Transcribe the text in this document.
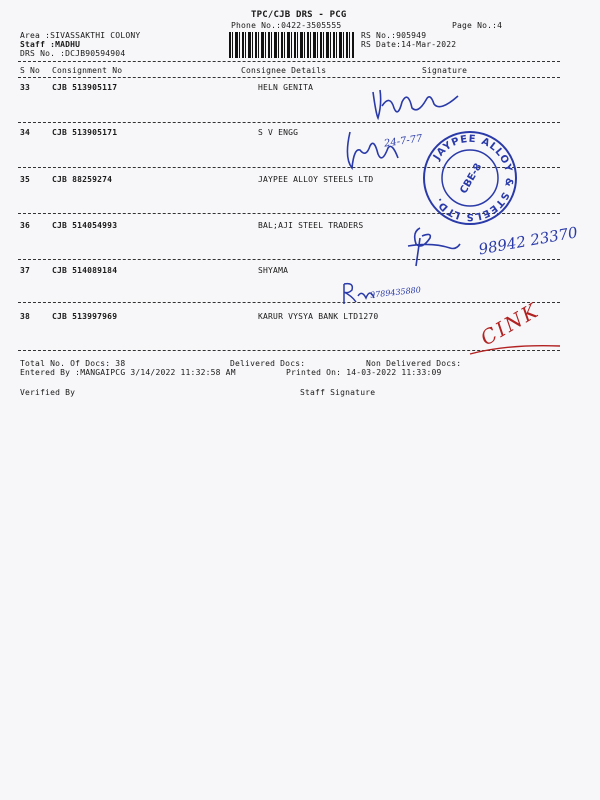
TPC/CJB DRS - PCG
Phone No.:0422-3505555	Page No.:4
Area :SIVASSAKTHI COLONY
Staff :MADHU
DRS No. :DCJB90594904
RS No.:905949
RS Date:14-Mar-2022
S No Consignment No	Consignee Details	Signature
33	CJB 513905117	HELN GENITA
34	CJB 513905171	S V ENGG
35	CJB 88259274	JAYPEE ALLOY STEELS LTD
36	CJB 514054993	BAL;AJI STEEL TRADERS
37	CJB 514089184	SHYAMA
38	CJB 513997969	KARUR VYSYA BANK LTD1270
24-7-77
JAYPEE ALLOY & STEELS LTD.
CBE-8
98942 23370
9789435880
CINK
Total No. Of Docs: 38	Delivered Docs:	Non Delivered Docs:
Entered By :MANGAIPCG 3/14/2022 11:32:58 AM	Printed On: 14-03-2022 11:33:09
Verified By	Staff Signature
